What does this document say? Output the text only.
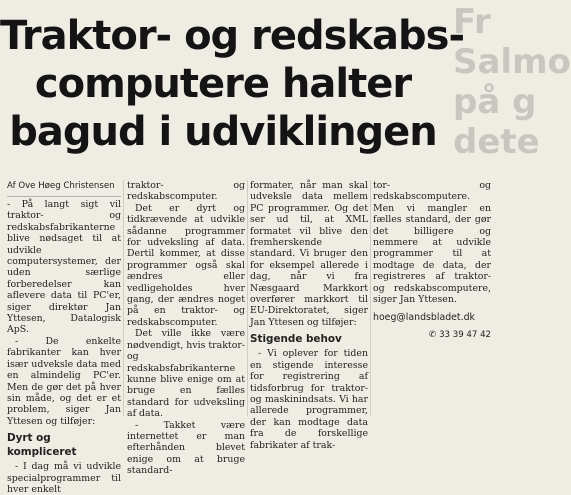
Traktor- og redskabs-
computere halter
bagud i udviklingen
Fr
Salmo
på g
dete
Af Ove Høeg Christensen

- På langt sigt vil traktor- og redskabsfabrikanterne blive nødsaget til at udvikle computersystemer, der uden særlige forberedelser kan aflevere data til PC'er, siger direktør Jan Yttesen, Datalogisk ApS.

- De enkelte fabrikanter kan hver især udveksle data med en almindelig PC'er. Men de gør det på hver sin måde, og det er et problem, siger Jan Yttesen og tilføjer:

Dyrt og kompliceret

- I dag må vi udvikle specialprogrammer til hver enkelt

traktor- og redskabscomputer.

Det er dyrt og tidkrævende at udvikle sådanne programmer for udveksling af data. Dertil kommer, at disse programmer også skal ændres eller vedligeholdes hver gang, der ændres noget på en traktor- og redskabscomputer.

Det ville ikke være nødvendigt, hvis traktor- og redskabsfabrikanterne kunne blive enige om at bruge en fælles standard for udveksling af data.

- Takket være internettet er man efterhånden blevet enige om at bruge standard-

formater, når man skal udveksle data mellem PC programmer. Og det ser ud til, at XML formatet vil blive den fremherskende standard. Vi bruger den for eksempel allerede i dag, når vi fra Næsgaard Markkort overfører markkort til EU-Direktoratet, siger Jan Yttesen og tilføjer:

Stigende behov

- Vi oplever for tiden en stigende interesse for registrering af tidsforbrug for traktor- og maskinindsats. Vi har allerede programmer, der kan modtage data fra de forskellige fabrikater af trak-

tor- og redskabscomputere. Men vi mangler en fælles standard, der gør det billigere og nemmere at udvikle programmer til at modtage de data, der registreres af traktor- og redskabscomputere, siger Jan Yttesen.

hoeg@landsbladet.dk
✆ 33 39 47 42
